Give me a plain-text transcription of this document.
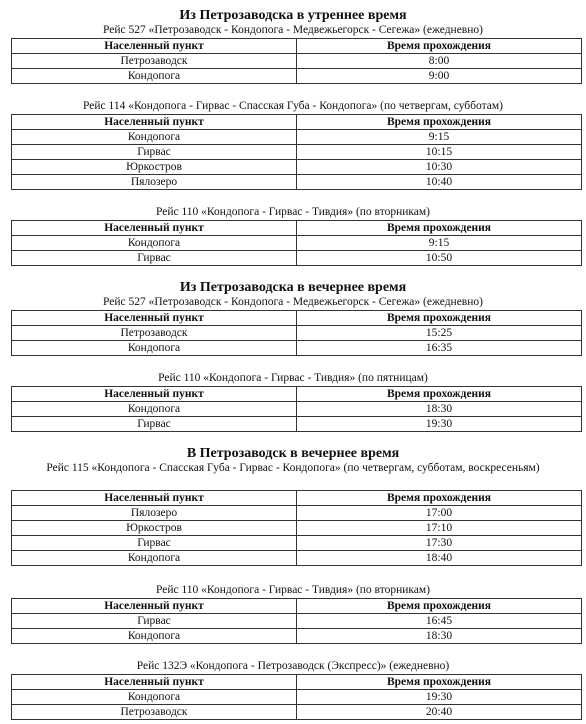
Из Петрозаводска в утреннее время
Рейс 527 «Петрозаводск - Кондопога - Медвежьегорск - Сегежа» (ежедневно)
Населенный пункт	Время прохождения
Петрозаводск	8:00
Кондопога	9:00
Рейс 114 «Кондопога - Гирвас - Спасская Губа - Кондопога» (по четвергам, субботам)
Населенный пункт	Время прохождения
Кондопога	9:15
Гирвас	10:15
Юркостров	10:30
Пялозеро	10:40
Рейс 110 «Кондопога - Гирвас - Тивдия» (по вторникам)
Населенный пункт	Время прохождения
Кондопога	9:15
Гирвас	10:50
Из Петрозаводска в вечернее время
Рейс 527 «Петрозаводск - Кондопога - Медвежьегорск - Сегежа» (ежедневно)
Населенный пункт	Время прохождения
Петрозаводск	15:25
Кондопога	16:35
Рейс 110 «Кондопога - Гирвас - Тивдия» (по пятницам)
Населенный пункт	Время прохождения
Кондопога	18:30
Гирвас	19:30
В Петрозаводск в вечернее время
Рейс 115 «Кондопога - Спасская Губа - Гирвас - Кондопога» (по четвергам, субботам, воскресеньям)
Населенный пункт	Время прохождения
Пялозеро	17:00
Юркостров	17:10
Гирвас	17:30
Кондопога	18:40
Рейс 110 «Кондопога - Гирвас - Тивдия» (по вторникам)
Населенный пункт	Время прохождения
Гирвас	16:45
Кондопога	18:30
Рейс 132Э «Кондопога - Петрозаводск (Экспресс)» (ежедневно)
Населенный пункт	Время прохождения
Кондопога	19:30
Петрозаводск	20:40
